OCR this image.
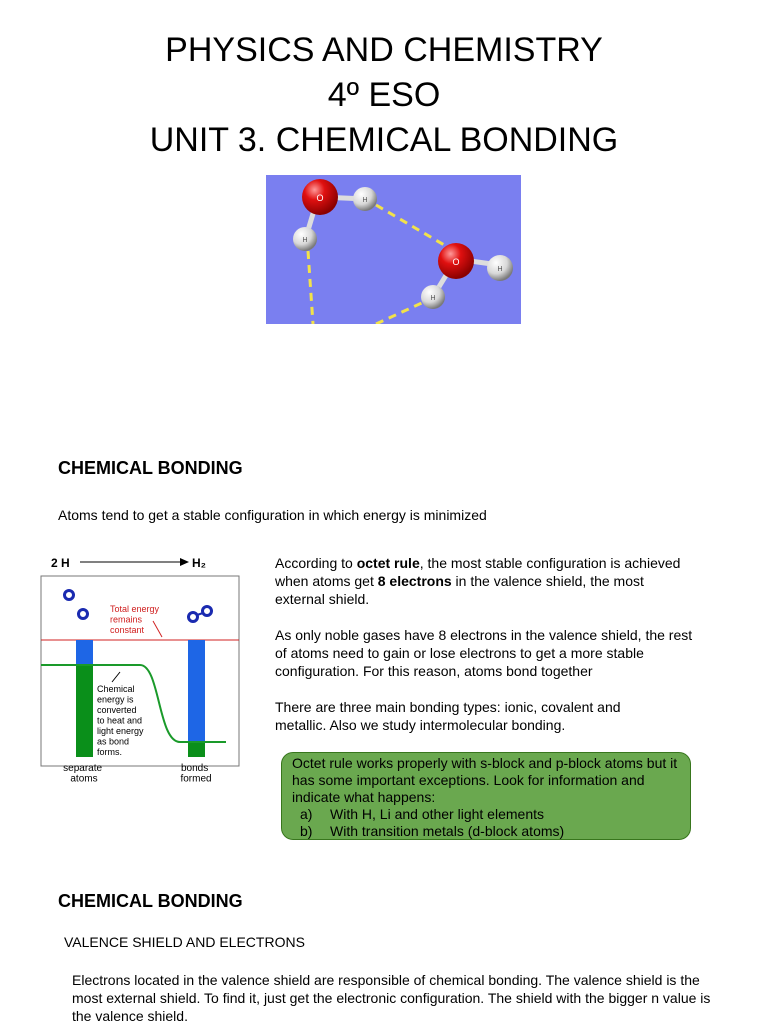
PHYSICS AND CHEMISTRY
4º ESO
UNIT 3. CHEMICAL BONDING
O
O
H
H
H
H
CHEMICAL BONDING
Atoms tend to get a stable configuration in which energy is minimized
2 H	H₂
Total energy remains constant
Chemical energy is converted to heat and light energy as bond forms.
separate atoms
bonds formed
According to octet rule, the most stable configuration is achieved when atoms get 8 electrons in the valence shield, the most external shield.
As only noble gases have 8 electrons in the valence shield, the rest of atoms need to gain or lose electrons to get a more stable configuration. For this reason, atoms bond together
There are three main bonding types: ionic, covalent and metallic. Also we study intermolecular bonding.
Octet rule works properly with s-block and p-block atoms but it has some important exceptions. Look for information and indicate what happens:
a) With H, Li and other light elements
b) With transition metals (d-block atoms)
CHEMICAL BONDING
VALENCE SHIELD AND ELECTRONS
Electrons located in the valence shield are responsible of chemical bonding. The valence shield is the most external shield. To find it, just get the electronic configuration. The shield with the bigger n value is the valence shield.
